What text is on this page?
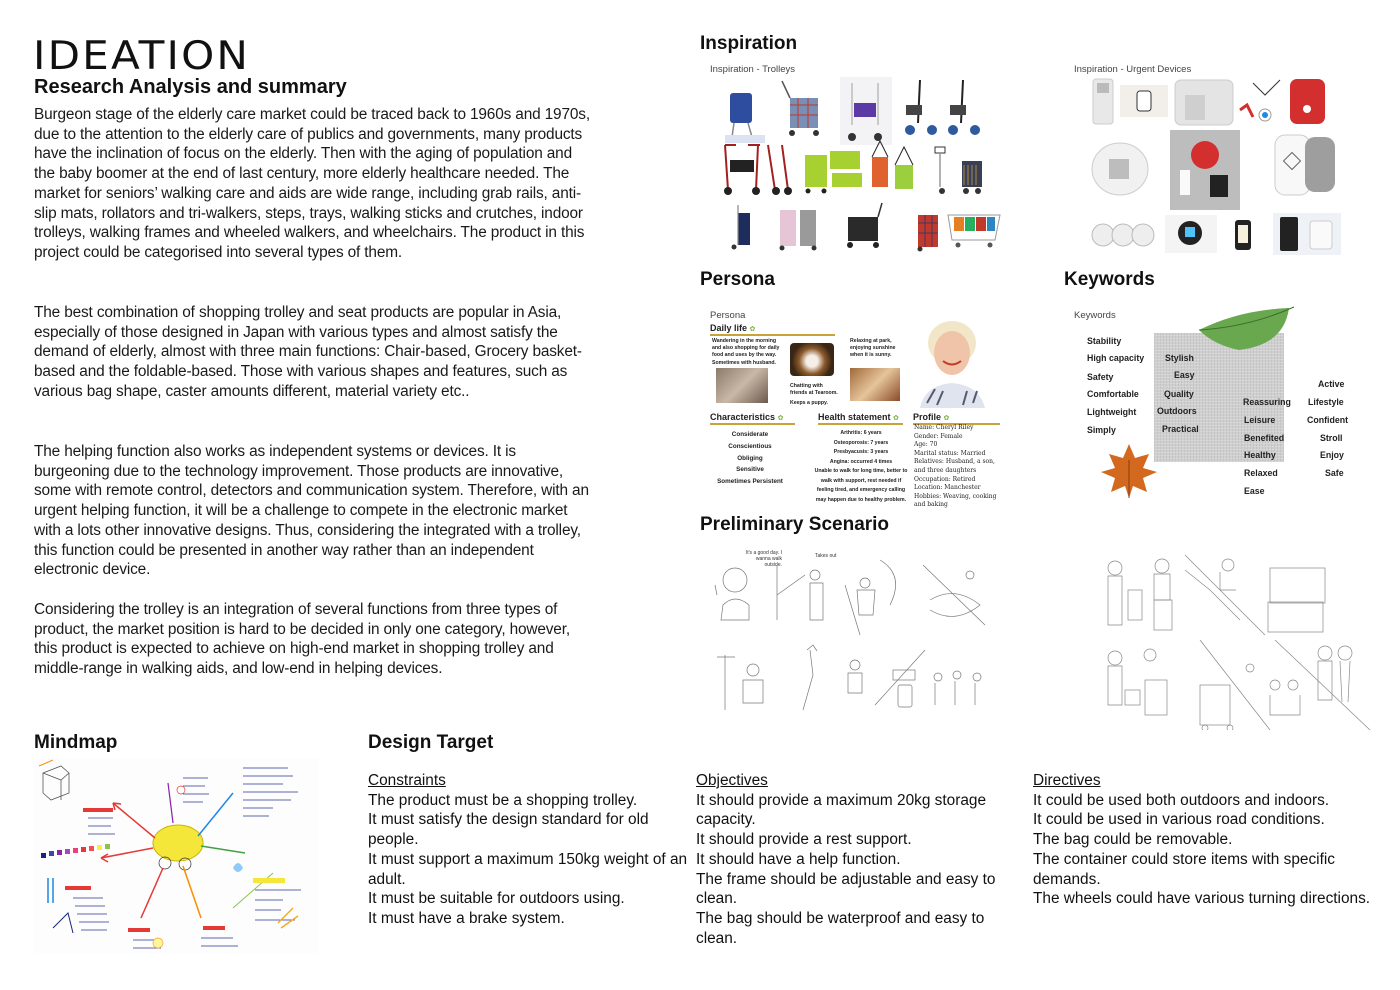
IDEATION
Research Analysis and summary

Burgeon stage of the elderly care market could be traced back to 1960s and 1970s, due to the attention to the elderly care of publics and governments, many products have the inclination of focus on the elderly. Then with the aging of population and the baby boomer at the end of last century, more elderly healthcare needed. The market for seniors’ walking care and aids are wide range, including grab rails, anti-slip mats, rollators and tri-walkers, steps, trays, walking sticks and crutches, indoor trolleys, walking frames and wheeled walkers, and wheelchairs. The product in this project could be categorised into several types of them.

The best combination of shopping trolley and seat products are popular in Asia, especially of those designed in Japan with various types and almost satisfy the demand of elderly, almost with three main functions: Chair-based, Grocery basket-based and the foldable-based. Those with various shapes and features, such as various bag shape, caster amounts different, material variety etc..

The helping function also works as independent systems or devices. It is burgeoning due to the technology improvement. Those products are innovative, some with remote control, detectors and communication system. Therefore, with an urgent helping function, it will be a challenge to compete in the electronic market with a lots other innovative designs. Thus, considering the integrated with a trolley, this function could be presented in another way rather than an independent electronic device.

Considering the trolley is an integration of several functions from three types of product, the market position is hard to be decided in only one category, however, this product is expected to achieve on high-end market in shopping trolley and middle-range in walking aids, and low-end in helping devices.

Inspiration
Inspiration - Trolleys	Inspiration - Urgent Devices
Persona
Persona
Daily life ✿
Wandering in the morning and also shopping for daily food and uses by the way. Sometimes with husband.
Chatting with friends at Tearoom.
Keeps a puppy.
Relaxing at park, enjoying sunshine when it is sunny.
Characteristics ✿
Considerate
Conscientious
Obliging
Sensitive
Sometimes Persistent
Health statement ✿
Arthritis: 6 years
Osteoporosis: 7 years
Presbyacusis: 3 years
Angina: occurred 4 times
Unable to walk for long time, better to walk with support, rest needed if feeling tired, and emergency calling may happen due to healthy problem.
Profile ✿
Name: Cheryl Riley
Gender: Female
Age: 70
Marital status: Married
Relatives: Husband, a son, and three daughters
Occupation: Retired
Location: Manchester
Hobbies: Weaving, cooking and baking
Keywords
Keywords
Stability
High capacity
Safety
Comfortable
Lightweight
Simply
Stylish
Easy
Quality
Outdoors
Practical
Reassuring
Leisure
Benefited
Healthy
Relaxed
Ease
Active
Lifestyle
Confident
Stroll
Enjoy
Safe
Preliminary Scenario
It's a good day. I wanna walk outside.
Takes out
Mindmap	Design Target
Constraints
The product must be a shopping trolley.
It must satisfy the design standard for old people.
It must support a maximum 150kg weight of an adult.
It must be suitable for outdoors using.
It must have a brake system.
Objectives
It should provide a maximum 20kg storage capacity.
It should provide a rest support.
It should have a help function.
The frame should be adjustable and easy to clean.
The bag should be waterproof and easy to clean.
Directives
It could be used both outdoors and indoors.
It could be used in various road conditions.
The bag could be removable.
The container could store items with specific demands.
The wheels could have various turning directions.
